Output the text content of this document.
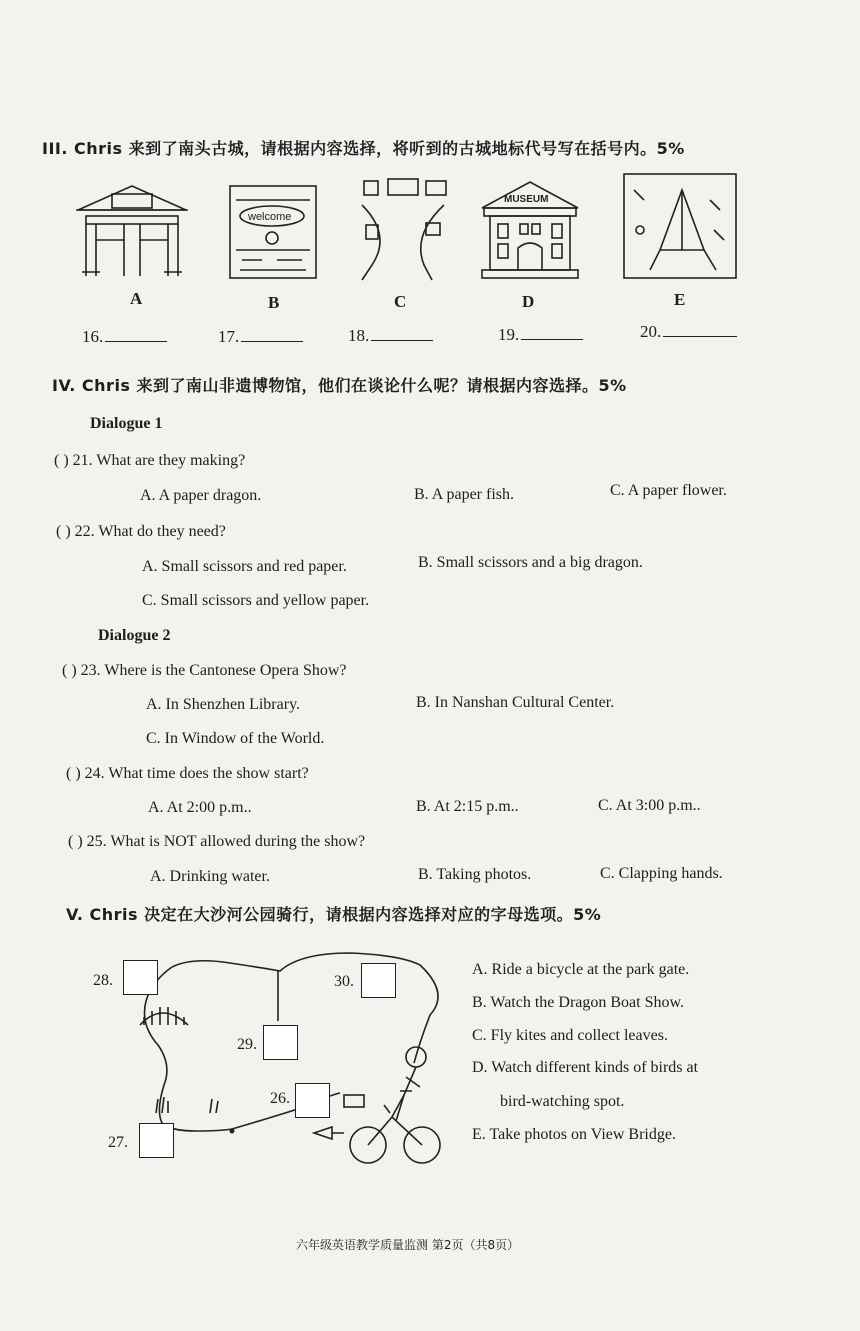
III. Chris 来到了南头古城，请根据内容选择，将听到的古城地标代号写在括号内。5%
A
welcome
B	C
MUSEUM
D	E
16.	17.	18.	19.	20.
IV. Chris 来到了南山非遗博物馆，他们在谈论什么呢？请根据内容选择。5%
Dialogue 1
( ) 21. What are they making?
A. A paper dragon.	B. A paper fish.	C. A paper flower.
( ) 22. What do they need?
A. Small scissors and red paper.	B. Small scissors and a big dragon.
C. Small scissors and yellow paper.
Dialogue 2
( ) 23. Where is the Cantonese Opera Show?
A. In Shenzhen Library.	B. In Nanshan Cultural Center.
C. In Window of the World.
( ) 24. What time does the show start?
A. At 2:00 p.m..	B. At 2:15 p.m..	C. At 3:00 p.m..
( ) 25. What is NOT allowed during the show?
A. Drinking water.	B. Taking photos.	C. Clapping hands.
V. Chris 决定在大沙河公园骑行，请根据内容选择对应的字母选项。5%
28.	30.
29.
26.
27.
A. Ride a bicycle at the park gate.
B. Watch the Dragon Boat Show.
C. Fly kites and collect leaves.
D. Watch different kinds of birds at
bird-watching spot.
E. Take photos on View Bridge.
六年级英语教学质量监测 第2页（共8页）
